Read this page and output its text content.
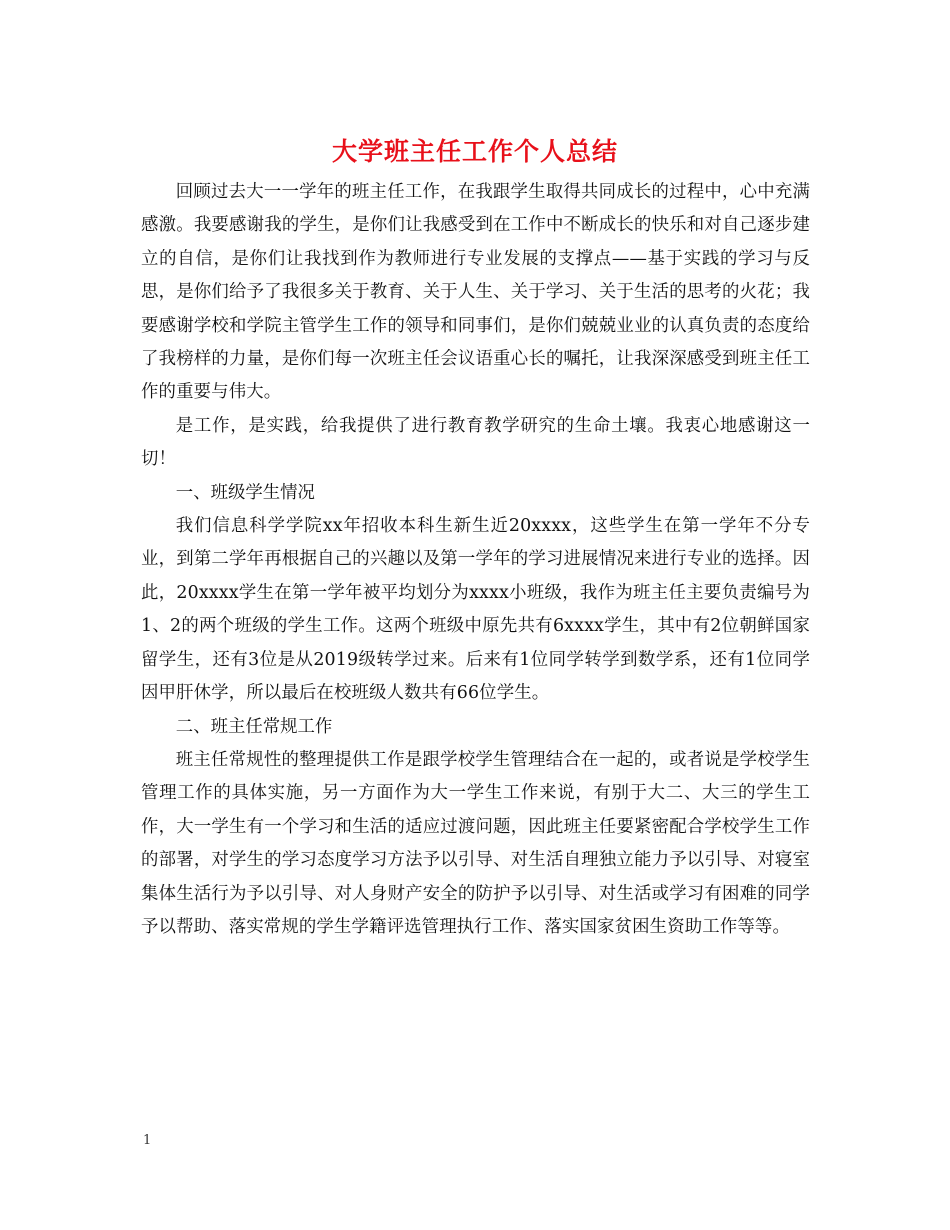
大学班主任工作个人总结

回顾过去大一一学年的班主任工作，在我跟学生取得共同成长的过程中，心中充满感激。我要感谢我的学生，是你们让我感受到在工作中不断成长的快乐和对自己逐步建立的自信，是你们让我找到作为教师进行专业发展的支撑点——基于实践的学习与反思，是你们给予了我很多关于教育、关于人生、关于学习、关于生活的思考的火花；我要感谢学校和学院主管学生工作的领导和同事们，是你们兢兢业业的认真负责的态度给了我榜样的力量，是你们每一次班主任会议语重心长的嘱托，让我深深感受到班主任工作的重要与伟大。

是工作，是实践，给我提供了进行教育教学研究的生命土壤。我衷心地感谢这一切！

一、班级学生情况

我们信息科学学院xx年招收本科生新生近20xxxx，这些学生在第一学年不分专业，到第二学年再根据自己的兴趣以及第一学年的学习进展情况来进行专业的选择。因此，20xxxx学生在第一学年被平均划分为xxxx小班级，我作为班主任主要负责编号为1、2的两个班级的学生工作。这两个班级中原先共有6xxxx学生，其中有2位朝鲜国家留学生，还有3位是从2019级转学过来。后来有1位同学转学到数学系，还有1位同学因甲肝休学，所以最后在校班级人数共有66位学生。

二、班主任常规工作

班主任常规性的整理提供工作是跟学校学生管理结合在一起的，或者说是学校学生管理工作的具体实施，另一方面作为大一学生工作来说，有别于大二、大三的学生工作，大一学生有一个学习和生活的适应过渡问题，因此班主任要紧密配合学校学生工作的部署，对学生的学习态度学习方法予以引导、对生活自理独立能力予以引导、对寝室集体生活行为予以引导、对人身财产安全的防护予以引导、对生活或学习有困难的同学予以帮助、落实常规的学生学籍评选管理执行工作、落实国家贫困生资助工作等等。

1
